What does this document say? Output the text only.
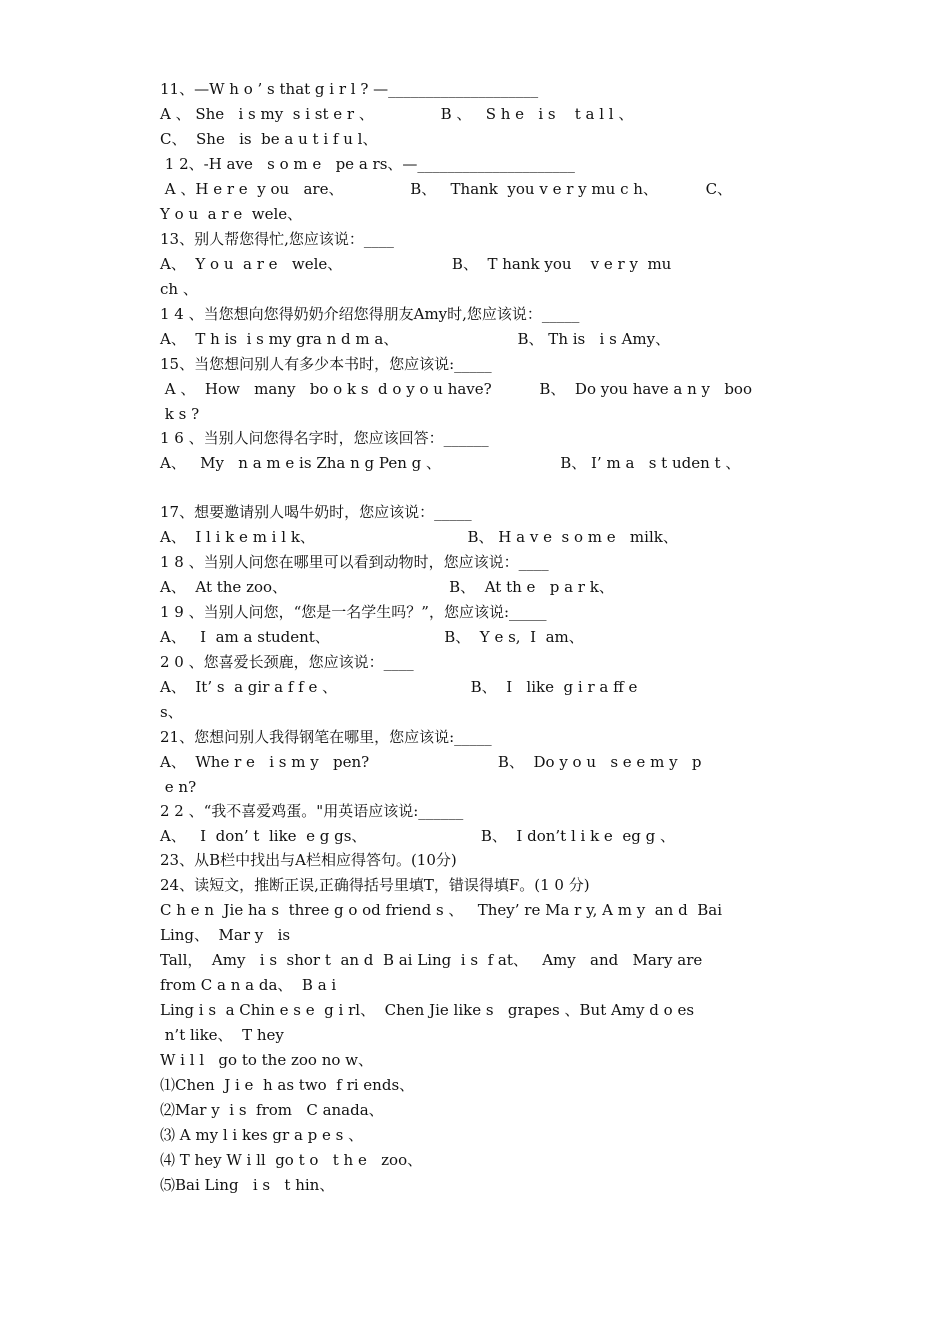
11、—W h o ’ s that g i r l ? —____________________
A 、 She   i s my  s i st e r 、              B 、   S h e   i s    t a l l 、
C、  She   is  be a u t i f u l、
1 2、-H ave   s o m e   pe a rs、—_____________________
A 、H e r e  y ou   are、              B、   Thank  you v e r y mu c h、          C、
Y o u  a r e  wele、
13、别人帮您得忙,您应该说：____
A、  Y o u  a r e   wele、                       B、  T hank you    v e r y  mu
ch 、
1 4 、当您想向您得奶奶介绍您得朋友Amy时,您应该说：_____
A、  T h is  i s my gra n d m a、                         B、 Th is   i s Amy、
15、当您想问别人有多少本书时，您应该说:_____
A 、  How   many   bo o k s  d o y o u have?          B、  Do you have a n y   boo
k s ?
1 6 、当别人问您得名字时，您应该回答：______
A、   My   n a m e is Zha n g Pen g 、                         B、 I’ m a   s t uden t 、
17、想要邀请别人喝牛奶时，您应该说：_____
A、  I l i k e m i l k、                                B、 H a v e  s o m e   milk、
1 8 、当别人问您在哪里可以看到动物时，您应该说：____
A、  At the zoo、                                  B、  At th e   p a r k、
1 9 、当别人问您，“您是一名学生吗？”，您应该说:_____
A、   I  am a student、                        B、  Y e s,  I  am、
2 0 、您喜爱长颈鹿，您应该说：____
A、  It’ s  a gir a f f e 、                            B、  I   like  g i r a ff e
s、
21、您想问别人我得钢笔在哪里，您应该说:_____
A、  Whe r e   i s m y   pen?                           B、  Do y o u   s e e m y   p
e n?
2 2 、“我不喜爱鸡蛋。"用英语应该说:______
A、   I  don’ t  like  e g gs、                        B、  I don’t l i k e  eg g 、
23、从B栏中找出与A栏相应得答句。(10分)
24、读短文，推断正误,正确得括号里填T，错误得填F。(1 0 分)
C h e n  Jie ha s  three g o od friend s 、   They’ re Ma r y, A m y  an d  Bai
Ling、  Mar y   is
Tall，  Amy   i s  shor t  an d  B ai Ling  i s  f at、   Amy   and   Mary are
from C a n a da、  B a i
Ling i s  a Chin e s e  g i rl、  Chen Jie like s   grapes 、But Amy d o es
n’t like、  T hey
W i l l   go to the zoo no w、
⑴Chen  J i e  h as two  f ri ends、
⑵Mar y  i s  from   C anada、
⑶ A my l i kes gr a p e s 、
⑷ T hey W i ll  go t o   t h e   zoo、
⑸Bai Ling   i s   t hin、
